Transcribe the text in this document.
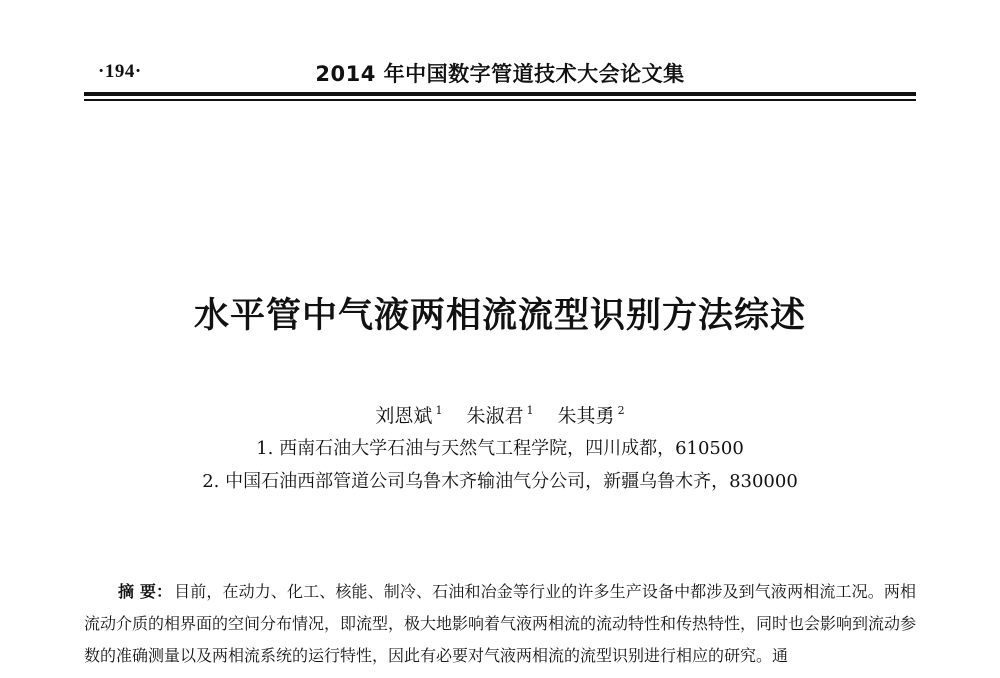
·194·	2014 年中国数字管道技术大会论文集
水平管中气液两相流流型识别方法综述
刘恩斌 $^1$ 朱淑君 $^1$ 朱其勇 $^2$
1. 西南石油大学石油与天然气工程学院，四川成都，610500
2. 中国石油西部管道公司乌鲁木齐输油气分公司，新疆乌鲁木齐，830000
摘 要： 目前，在动力、化工、核能、制冷、石油和冶金等行业的许多生产设备中都涉及到气液两相流工况。两相流动介质的相界面的空间分布情况，即流型，极大地影响着气液两相流的流动特性和传热特性，同时也会影响到流动参数的准确测量以及两相流系统的运行特性，因此有必要对气液两相流的流型识别进行相应的研究。通
